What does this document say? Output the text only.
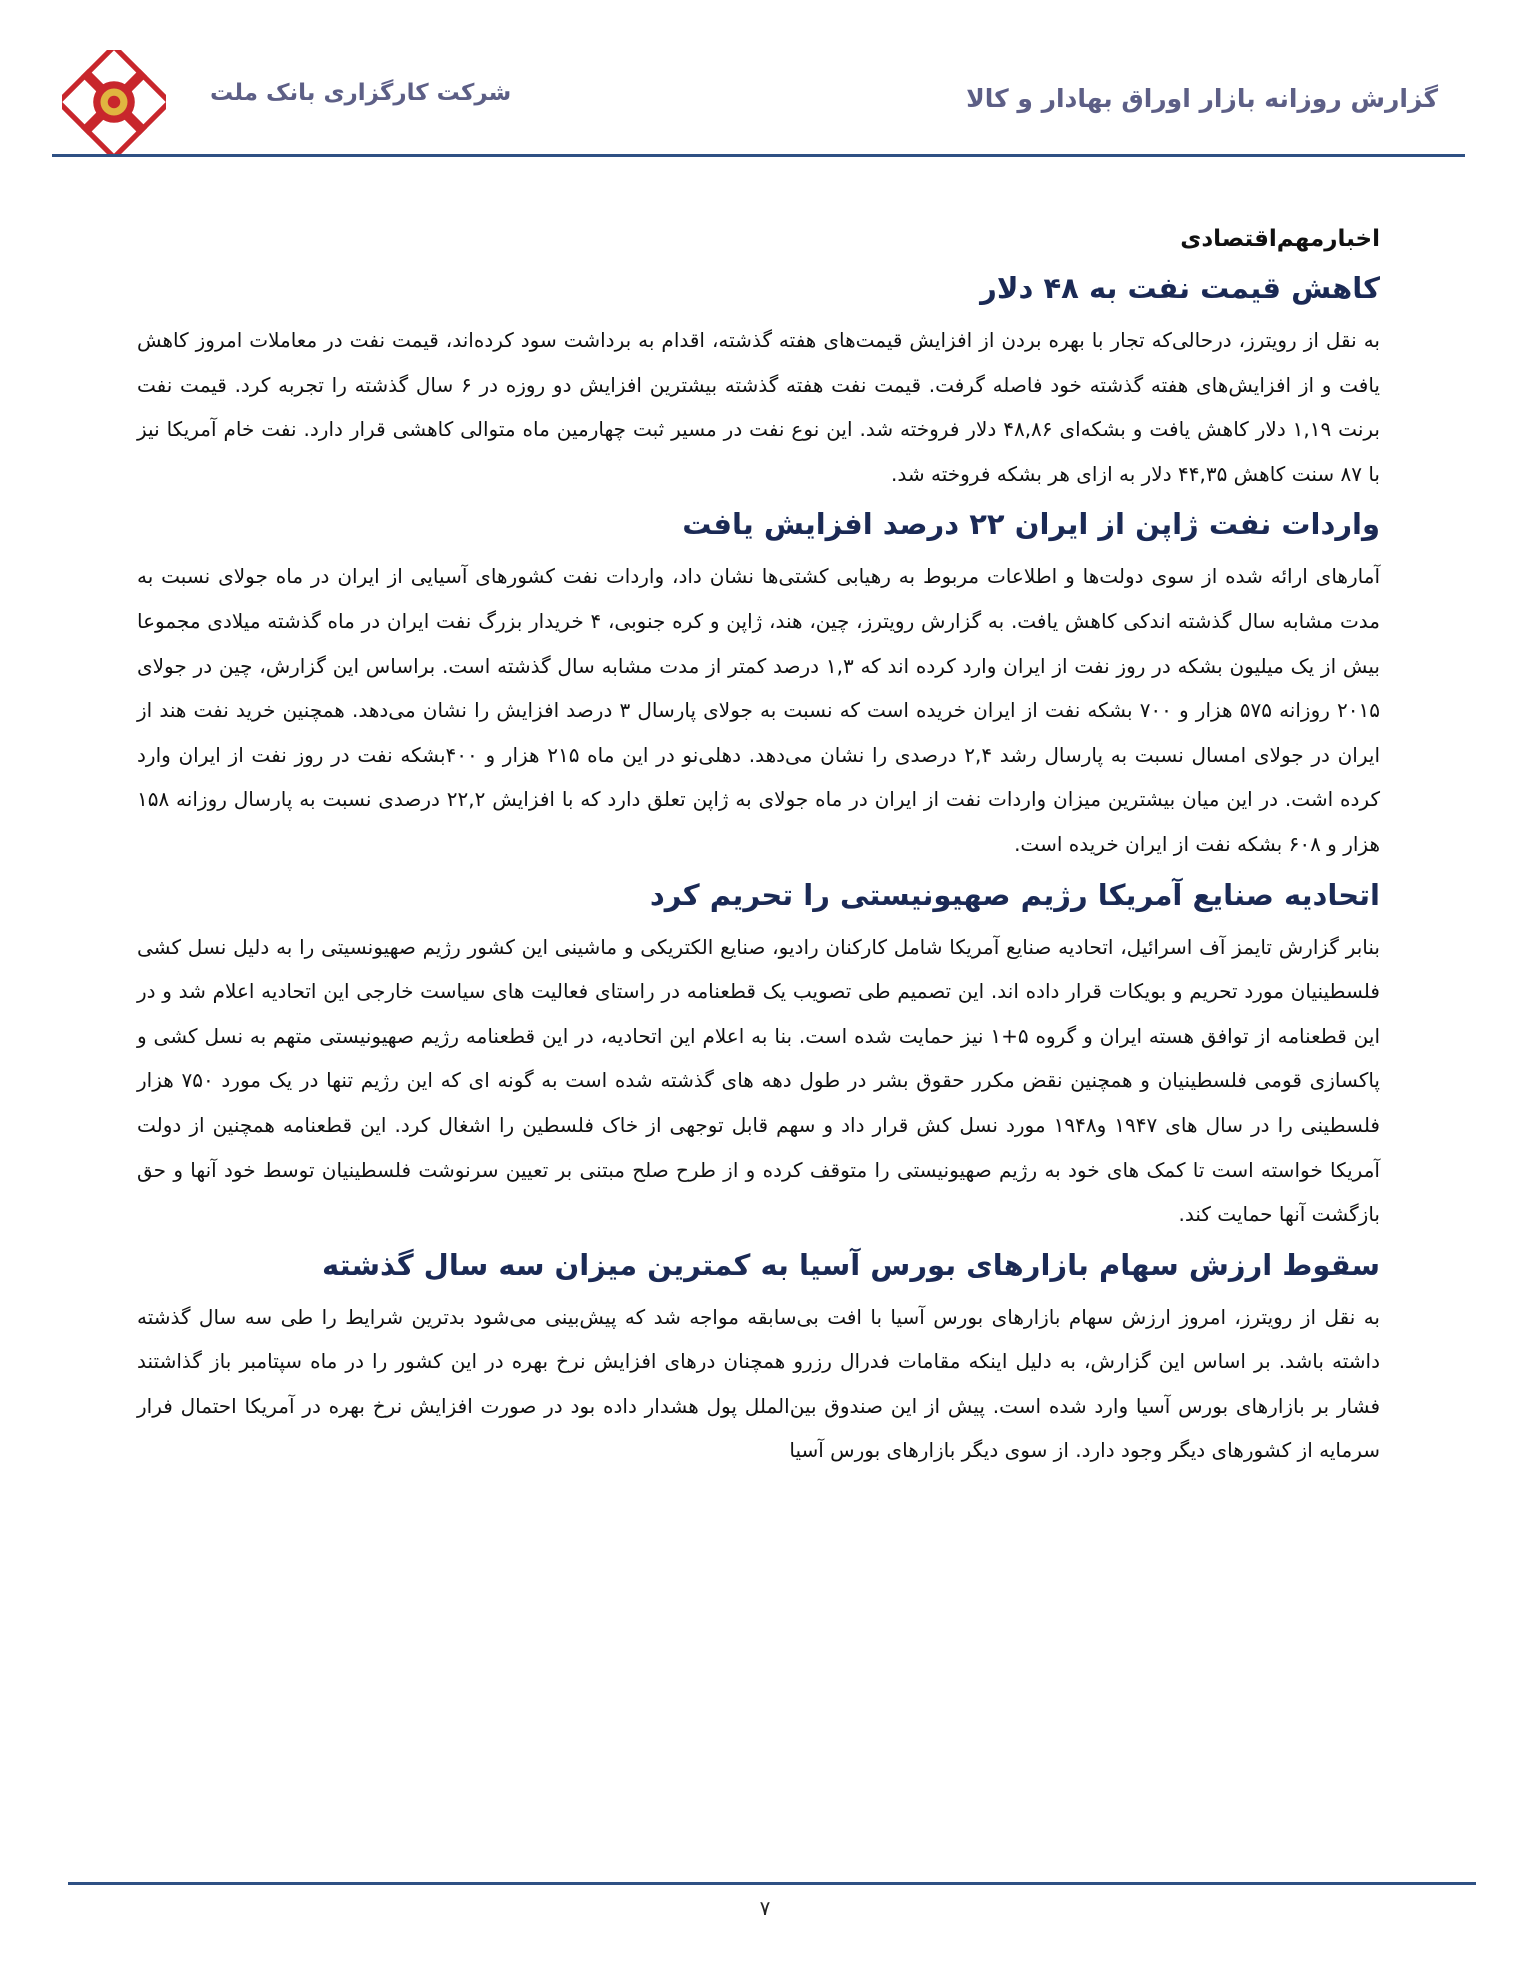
شرکت کارگزاری بانک ملت	گزارش روزانه بازار اوراق بهادار و کالا
اخبارمهم‌اقتصادی
کاهش قیمت نفت به ۴۸ دلار

به نقل از رویترز، درحالی‌که تجار با بهره بردن از افزایش قیمت‌های هفته گذشته، اقدام به برداشت سود کرده‌اند، قیمت نفت در معاملات امروز کاهش یافت و از افزایش‌های هفته گذشته خود فاصله گرفت. قیمت نفت هفته گذشته بیشترین افزایش دو روزه در ۶ سال گذشته را تجربه کرد. قیمت نفت برنت ۱,۱۹ دلار کاهش یافت و بشکه‌ای ۴۸,۸۶ دلار فروخته شد. این نوع نفت در مسیر ثبت چهارمین ماه متوالی کاهشی قرار دارد. نفت خام آمریکا نیز با ۸۷ سنت کاهش ۴۴,۳۵ دلار به ازای هر بشکه فروخته شد.

واردات نفت ژاپن از ایران ۲۲ درصد افزایش یافت

آمارهای ارائه شده از سوی دولت‌ها و اطلاعات مربوط به رهیابی کشتی‌ها نشان داد، واردات نفت کشورهای آسیایی از ایران در ماه جولای نسبت به مدت مشابه سال گذشته اندکی کاهش یافت. به گزارش رویترز، چین، هند، ژاپن و کره جنوبی، ۴ خریدار بزرگ نفت ایران در ماه گذشته میلادی مجموعا بیش از یک میلیون بشکه در روز نفت از ایران وارد کرده اند که ۱,۳ درصد کمتر از مدت مشابه سال گذشته است. براساس این گزارش، چین در جولای ۲۰۱۵ روزانه ۵۷۵ هزار و ۷۰۰ بشکه نفت از ایران خریده است که نسبت به جولای پارسال ۳ درصد افزایش را نشان می‌دهد. همچنین خرید نفت هند از ایران در جولای امسال نسبت به پارسال رشد ۲,۴ درصدی را نشان می‌دهد. دهلی‌نو در این ماه ۲۱۵ هزار و ۴۰۰بشکه نفت در روز نفت از ایران وارد کرده اشت. در این میان بیشترین میزان واردات نفت از ایران در ماه جولای به ژاپن تعلق دارد که با افزایش ۲۲,۲ درصدی نسبت به پارسال روزانه ۱۵۸ هزار و ۶۰۸ بشکه نفت از ایران خریده است.

اتحادیه صنایع آمریکا رژیم صهیونیستی را تحریم کرد

بنابر گزارش تایمز آف اسرائیل، اتحادیه صنایع آمریکا شامل کارکنان رادیو، صنایع الکتریکی و ماشینی این کشور رژیم صهیونسیتی را به دلیل نسل کشی فلسطینیان مورد تحریم و بویکات قرار داده اند. این تصمیم طی تصویب یک قطعنامه در راستای فعالیت های سیاست خارجی این اتحادیه اعلام شد و در این قطعنامه از توافق هسته ایران و گروه ۵+۱ نیز حمایت شده است. بنا به اعلام این اتحادیه، در این قطعنامه رژیم صهیونیستی متهم به نسل کشی و پاکسازی قومی فلسطینیان و همچنین نقض مکرر حقوق بشر در طول دهه های گذشته شده است به گونه ای که این رژیم تنها در یک مورد ۷۵۰ هزار فلسطینی را در سال های ۱۹۴۷ و۱۹۴۸ مورد نسل کش قرار داد و سهم قابل توجهی از خاک فلسطین را اشغال کرد. این قطعنامه همچنین از دولت آمریکا خواسته است تا کمک های خود به رژیم صهیونیستی را متوقف کرده و از طرح صلح مبتنی بر تعیین سرنوشت فلسطینیان توسط خود آنها و حق بازگشت آنها حمایت کند.

سقوط ارزش سهام بازارهای بورس آسیا به کمترین میزان سه سال گذشته

به نقل از رویترز، امروز ارزش سهام بازارهای بورس آسیا با افت بی‌سابقه مواجه شد که پیش‌بینی می‌شود بدترین شرایط را طی سه سال گذشته داشته باشد. بر اساس این گزارش، به دلیل اینکه مقامات فدرال رزرو همچنان درهای افزایش نرخ بهره در این کشور را در ماه سپتامبر باز گذاشتند فشار بر بازارهای بورس آسیا وارد شده است. پیش از این صندوق بین‌الملل پول هشدار داده بود در صورت افزایش نرخ بهره در آمریکا احتمال فرار سرمایه از کشورهای دیگر وجود دارد. از سوی دیگر بازارهای بورس آسیا

۷
